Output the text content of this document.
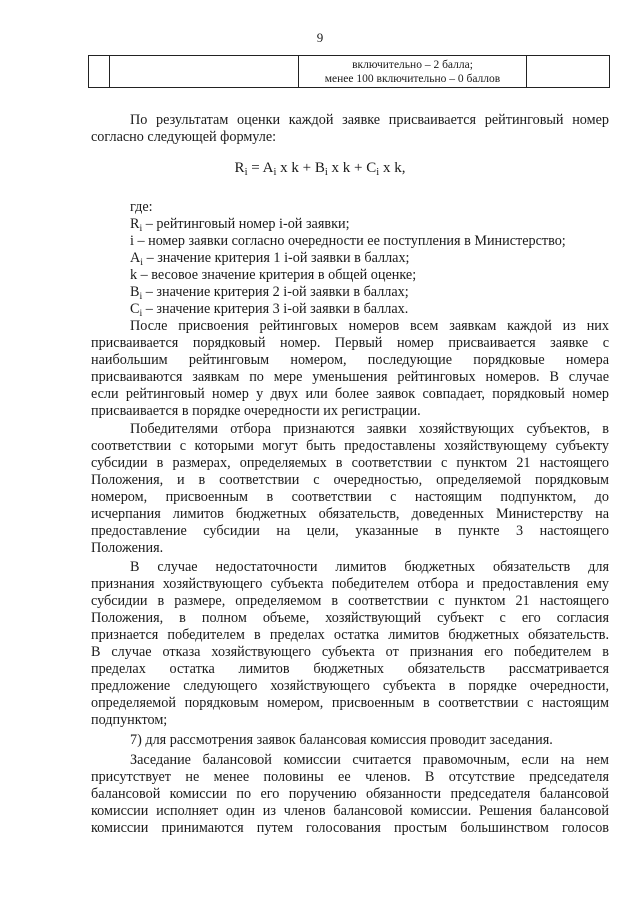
9
включительно – 2 балла;
менее 100 включительно – 0 баллов
По результатам оценки каждой заявке присваивается рейтинговый номер
согласно следующей формуле:
$R_i = A_i$ x $k + B_i$ x $k + C_i$ x k,
где:
$R_i$ – рейтинговый номер i-ой заявки;
i – номер заявки согласно очередности ее поступления в Министерство;
$A_i$ – значение критерия 1 i-ой заявки в баллах;
k – весовое значение критерия в общей оценке;
$B_i$ – значение критерия 2 i-ой заявки в баллах;
$C_i$ – значение критерия 3 i-ой заявки в баллах.
После присвоения рейтинговых номеров всем заявкам каждой из них
присваивается порядковый номер. Первый номер присваивается заявке с
наибольшим рейтинговым номером, последующие порядковые номера
присваиваются заявкам по мере уменьшения рейтинговых номеров. В случае
если рейтинговый номер у двух или более заявок совпадает, порядковый номер
присваивается в порядке очередности их регистрации.
Победителями отбора признаются заявки хозяйствующих субъектов, в
соответствии с которыми могут быть предоставлены хозяйствующему субъекту
субсидии в размерах, определяемых в соответствии с пунктом 21 настоящего
Положения, и в соответствии с очередностью, определяемой порядковым
номером, присвоенным в соответствии с настоящим подпунктом, до
исчерпания лимитов бюджетных обязательств, доведенных Министерству на
предоставление субсидии на цели, указанные в пункте 3 настоящего
Положения.
В случае недостаточности лимитов бюджетных обязательств для
признания хозяйствующего субъекта победителем отбора и предоставления ему
субсидии в размере, определяемом в соответствии с пунктом 21 настоящего
Положения, в полном объеме, хозяйствующий субъект с его согласия
признается победителем в пределах остатка лимитов бюджетных обязательств.
В случае отказа хозяйствующего субъекта от признания его победителем в
пределах остатка лимитов бюджетных обязательств рассматривается
предложение следующего хозяйствующего субъекта в порядке очередности,
определяемой порядковым номером, присвоенным в соответствии с настоящим
подпунктом;
7) для рассмотрения заявок балансовая комиссия проводит заседания.
Заседание балансовой комиссии считается правомочным, если на нем
присутствует не менее половины ее членов. В отсутствие председателя
балансовой комиссии по его поручению обязанности председателя балансовой
комиссии исполняет один из членов балансовой комиссии. Решения балансовой
комиссии принимаются путем голосования простым большинством голосов
